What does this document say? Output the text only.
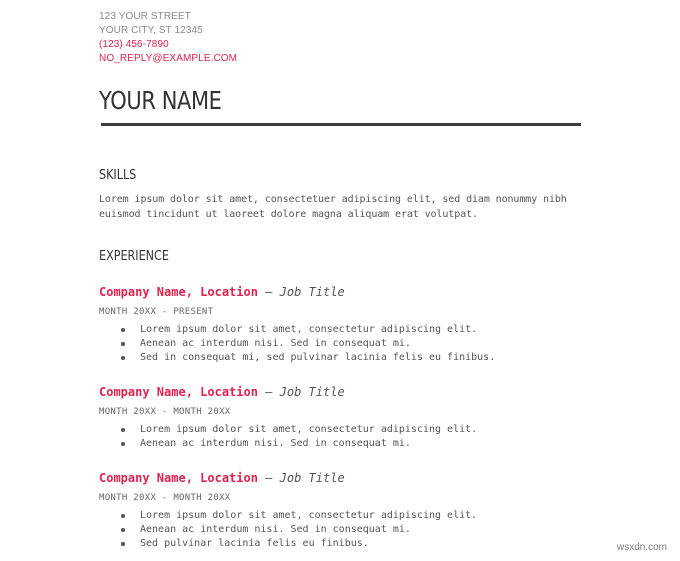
123 YOUR STREET
YOUR CITY, ST 12345
(123) 456-7890
NO_REPLY@EXAMPLE.COM
YOUR NAME
SKILLS
Lorem ipsum dolor sit amet, consectetuer adipiscing elit, sed diam nonummy nibh euismod tincidunt ut laoreet dolore magna aliquam erat volutpat.
EXPERIENCE
Company Name, Location — Job Title
MONTH 20XX - PRESENT
Lorem ipsum dolor sit amet, consectetur adipiscing elit.
Aenean ac interdum nisi. Sed in consequat mi.
Sed in consequat mi, sed pulvinar lacinia felis eu finibus.
Company Name, Location — Job Title
MONTH 20XX - MONTH 20XX
Lorem ipsum dolor sit amet, consectetur adipiscing elit.
Aenean ac interdum nisi. Sed in consequat mi.
Company Name, Location — Job Title
MONTH 20XX - MONTH 20XX
Lorem ipsum dolor sit amet, consectetur adipiscing elit.
Aenean ac interdum nisi. Sed in consequat mi.
Sed pulvinar lacinia felis eu finibus.	wsxdn.com
